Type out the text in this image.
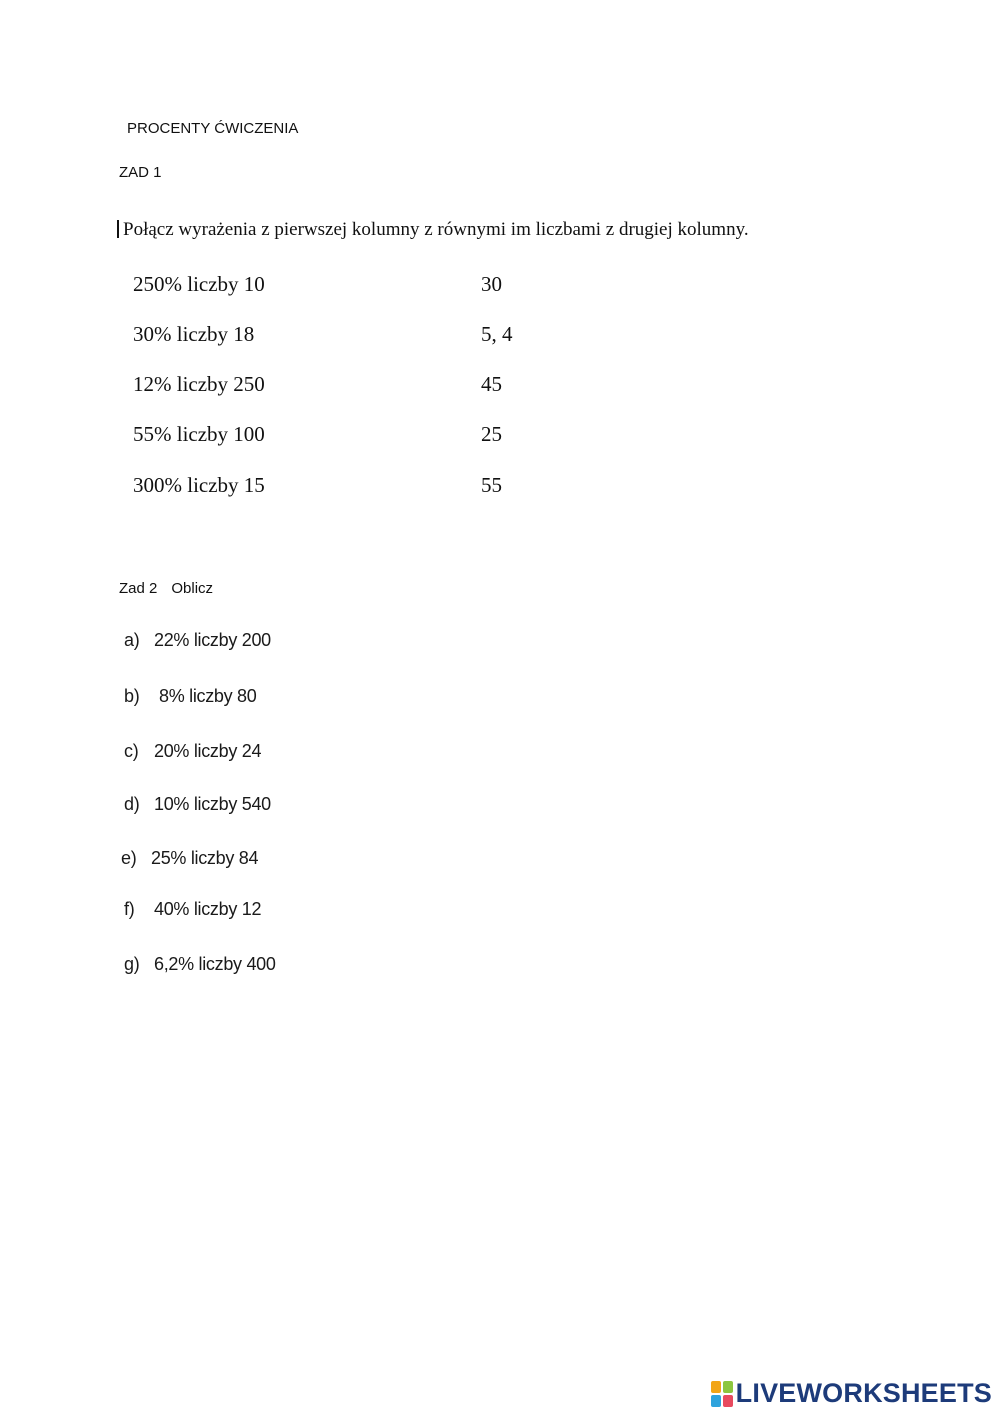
PROCENTY ĆWICZENIA
ZAD 1
Połącz wyrażenia z pierwszej kolumny z równymi im liczbami z drugiej kolumny.
250% liczby 10
30% liczby 18
12% liczby 250
55% liczby 100
300% liczby 15
30
5, 4
45
25
55
Zad 2 Oblicz
a) 22% liczby 200
b) 8% liczby 80
c) 20% liczby 24
d) 10% liczby 540
e) 25% liczby 84
f) 40% liczby 12
g) 6,2% liczby 400
LIVEWORKSHEETS
